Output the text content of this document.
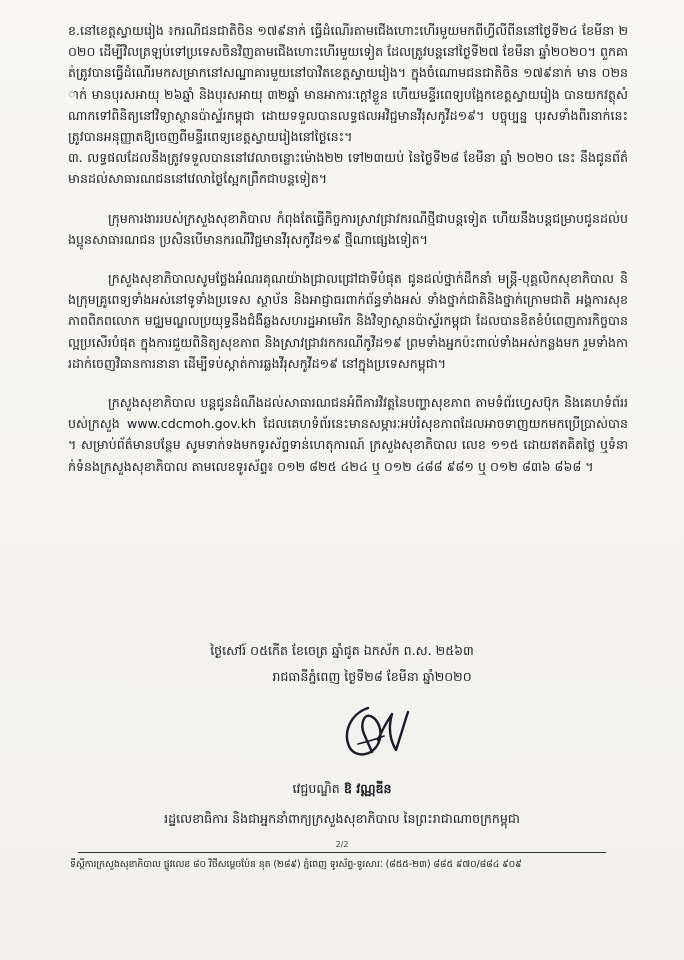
ខ.នៅខេត្តស្វាយរៀង ៖ករណីជនជាតិចិន ១៧៩នាក់ ធ្វើដំណើរតាមជើងហោះហើរមួយមកពីហ្វីលីពីននៅថ្ងៃទី២៤ ខែមីនា ២០២០ ដើម្បីវិលត្រឡប់ទៅប្រទេសចិនវិញតាមជើងហោះហើរមួយទៀត ដែលត្រូវបន្តនៅថ្ងៃទី២៧ ខែមីនា ឆ្នាំ២០២០។ ពួកគាត់ត្រូវបានធ្វើដំណើរមកសម្រាកនៅសណ្ឋាគារមួយនៅបាវិតខេត្តស្វាយរៀង។ ក្នុងចំណោមជនជាតិចិន ១៧៩នាក់ មាន ០២នាក់ មានបុរសអាយុ ២៦ឆ្នាំ និងបុរសអាយុ ៣២ឆ្នាំ មានអាការៈក្តៅខ្លួន ហើយមន្ទីរពេទ្យបង្អែកខេត្តស្វាយរៀង បានយកវត្ថុសំណាកទៅពិនិត្យនៅវិទ្យាស្ថានប៉ាស្ទ័រកម្ពុជា ដោយទទួលបានលទ្ធផលអវិជ្ជមានវីរុសកូវីដ១៩។ បច្ចុប្បន្ន បុរសទាំងពីរនាក់នេះ ត្រូវបានអនុញ្ញាតឱ្យចេញពីមន្ទីរពេទ្យខេត្តស្វាយរៀងនៅថ្ងៃនេះ។

៣. លទ្ធផលដែលនឹងត្រូវទទួលបាននៅវេលាចន្លោះម៉ោង២២ ទៅ២៣យប់ នៃថ្ងៃទី២៨ ខែមីនា ឆ្នាំ ២០២០ នេះ នឹងជូនព័ត៌មានដល់សាធារណជននៅវេលាថ្ងៃស្អែកព្រឹកជាបន្តទៀត។

ក្រុមការងាររបស់ក្រសួងសុខាភិបាល កំពុងតែធ្វើកិច្ចការស្រាវជ្រាវករណីថ្មីជាបន្តទៀត ហើយនឹងបន្តជម្រាបជូនដល់បងប្អូនសាធារណជន ប្រសិនបើមានករណីវិជ្ជមានវីរុសកូវីដ១៩ ថ្មីណាផ្សេងទៀត។

ក្រសួងសុខាភិបាលសូមថ្លែងអំណរគុណយ៉ាងជ្រាលជ្រៅជាទីបំផុត ជូនដល់ថ្នាក់ដឹកនាំ មន្ត្រី-បុគ្គលិកសុខាភិបាល និងក្រុមគ្រូពេទ្យទាំងអស់នៅទូទាំងប្រទេស ស្ថាប័ន និងអាជ្ញាធរពាក់ព័ន្ធទាំងអស់ ទាំងថ្នាក់ជាតិនិងថ្នាក់ក្រោមជាតិ អង្គការសុខភាពពិភពលោក មជ្ឈមណ្ឌលប្រយុទ្ធនឹងជំងឺឆ្លងសហរដ្ឋអាមេរិក និងវិទ្យាស្ថានប៉ាស្ទ័រកម្ពុជា ដែលបានខិតខំបំពេញភារកិច្ចបានល្អប្រសើរបំផុត ក្នុងការជួយពិនិត្យសុខភាព និងស្រាវជ្រាវរកករណីកូវីដ១៩ ព្រមទាំងអ្នកប៉ះពាល់ទាំងអស់កន្លងមក រួមទាំងការដាក់ចេញវិធានការនានា ដើម្បីទប់ស្កាត់ការឆ្លងវីរុសកូវីដ១៩ នៅក្នុងប្រទេសកម្ពុជា។

ក្រសួងសុខាភិបាល បន្តជូនដំណឹងដល់សាធារណជនអំពីការវិវត្តនៃបញ្ហាសុខភាព តាមទំព័រហ្វេសប៊ុក និងគេហទំព័ររបស់ក្រសួង www.cdcmoh.gov.kh ដែលគេហទំព័រនេះមានសម្ភារៈអប់រំសុខភាពដែលអាចទាញយកមកប្រើប្រាស់បាន។ សម្រាប់ព័ត៌មានបន្ថែម សូមទាក់ទងមកទូរស័ព្ទទាន់ហេតុការណ៍ ក្រសួងសុខាភិបាល លេខ ១១៥ ដោយឥតគិតថ្លៃ ឬទំនាក់ទំនងក្រសួងសុខាភិបាល តាមលេខទូរស័ព្ទ៖ ០១២ ៨២៥ ៤២៤ ឬ ០១២ ៤៨៨ ៩៨១ ឬ ០១២ ៨៣៦ ៨៦៨ ។

ថ្ងៃសៅរ៍ ០៥កើត ខែចេត្រ ឆ្នាំជូត ឯកស័ក ព.ស. ២៥៦៣
រាជធានីភ្នំពេញ ថ្ងៃទី២៨ ខែមីនា ឆ្នាំ២០២០
វេជ្ជបណ្ឌិត ឱ វណ្ណឌីន
រដ្ឋលេខាធិការ និងជាអ្នកនាំពាក្យក្រសួងសុខាភិបាល នៃព្រះរាជាណាចក្រកម្ពុជា
2/2
ទីស្តីការក្រសួងសុខាភិបាល ផ្លូវលេខ ៨០ វិថីសម្តេចប៉ែន នុត (២៨៩) ភ្នំពេញ ទូរស័ព្ទ-ទូរសារៈ (៨៥៥-២៣) ៨៨៥ ៩៧០/៨៨៤ ៩០៩
